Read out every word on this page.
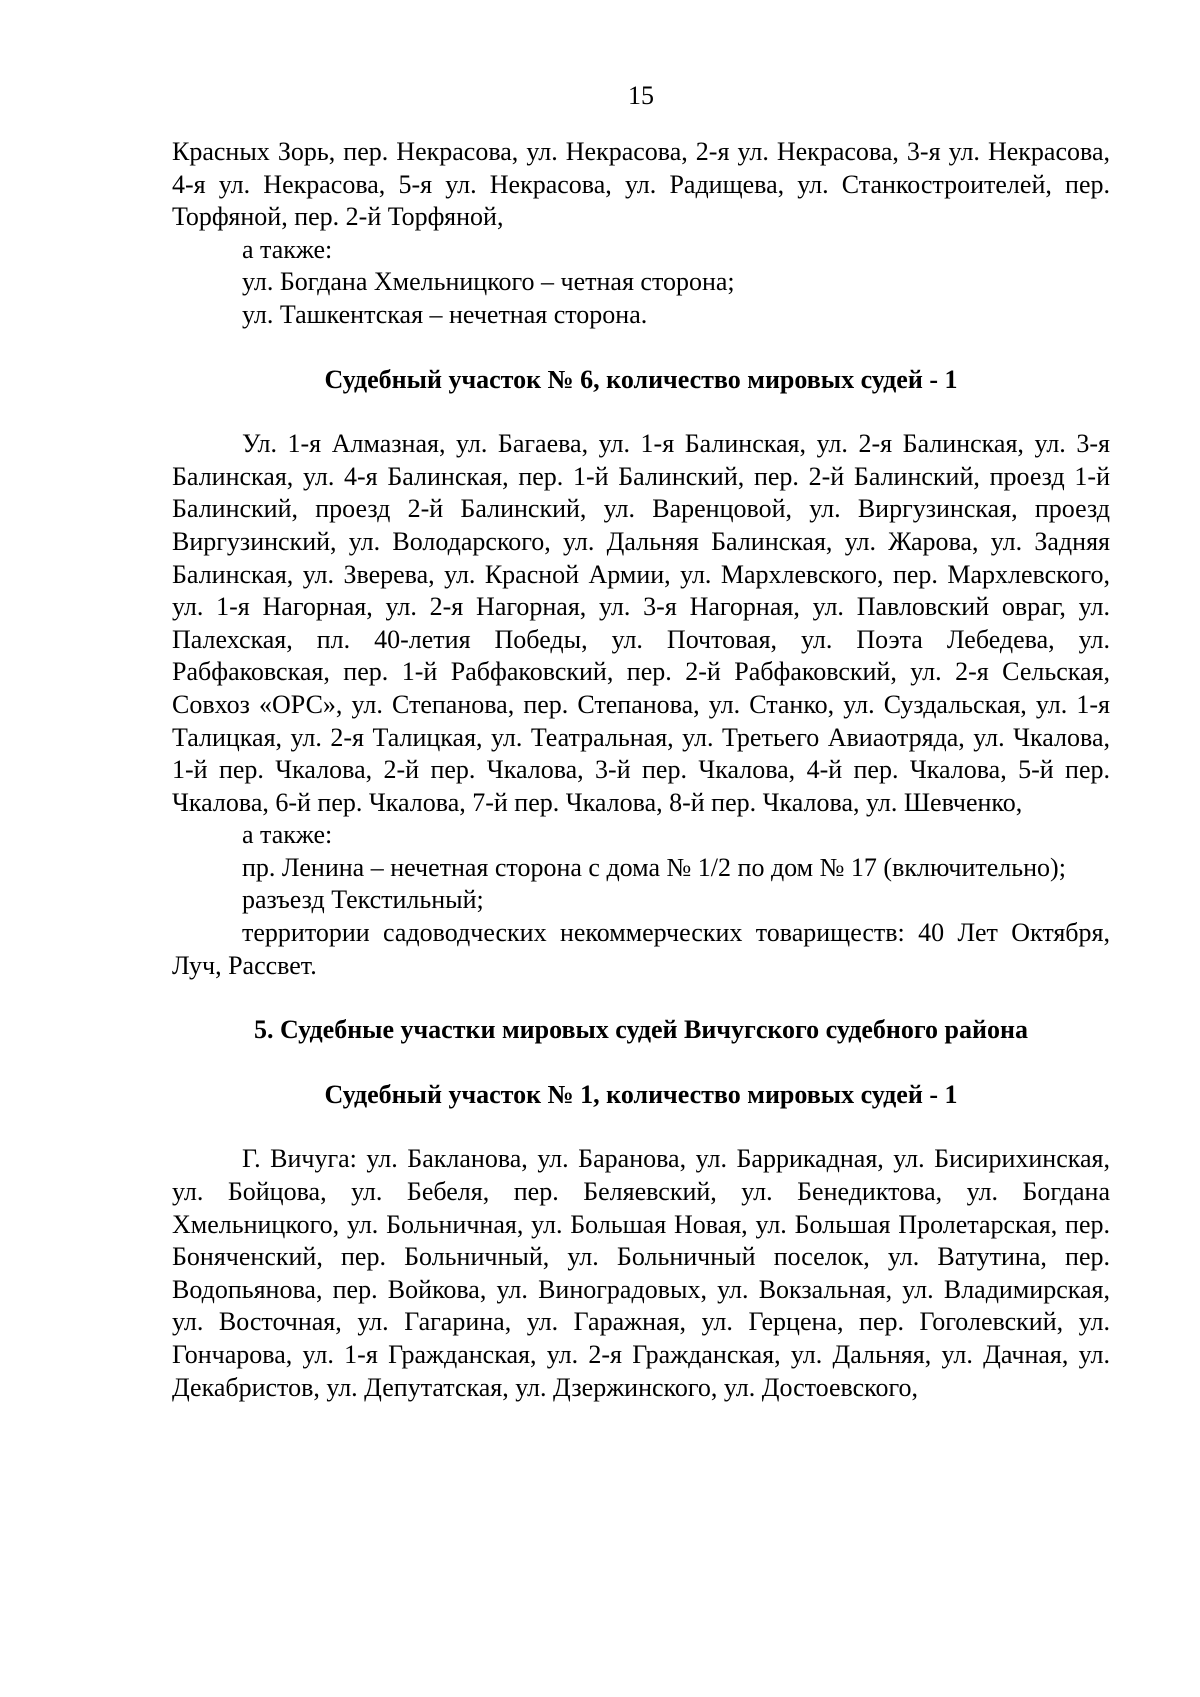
15

Красных Зорь, пер. Некрасова, ул. Некрасова, 2-я ул. Некрасова, 3-я ул. Некрасова, 4-я ул. Некрасова, 5-я ул. Некрасова, ул. Радищева, ул. Станкостроителей, пер. Торфяной, пер. 2-й Торфяной,

а также:

ул. Богдана Хмельницкого – четная сторона;

ул. Ташкентская – нечетная сторона.

Судебный участок № 6, количество мировых судей - 1

Ул. 1-я Алмазная, ул. Багаева, ул. 1-я Балинская, ул. 2-я Балинская, ул. 3-я Балинская, ул. 4-я Балинская, пер. 1-й Балинский, пер. 2-й Балинский, проезд 1-й Балинский, проезд 2-й Балинский, ул. Варенцовой, ул. Виргузинская, проезд Виргузинский, ул. Володарского, ул. Дальняя Балинская, ул. Жарова, ул. Задняя Балинская, ул. Зверева, ул. Красной Армии, ул. Мархлевского, пер. Мархлевского, ул. 1-я Нагорная, ул. 2-я Нагорная, ул. 3-я Нагорная, ул. Павловский овраг, ул. Палехская, пл. 40-летия Победы, ул. Почтовая, ул. Поэта Лебедева, ул. Рабфаковская, пер. 1-й Рабфаковский, пер. 2-й Рабфаковский, ул. 2-я Сельская, Совхоз «ОРС», ул. Степанова, пер. Степанова, ул. Станко, ул. Суздальская, ул. 1-я Талицкая, ул. 2-я Талицкая, ул. Театральная, ул. Третьего Авиаотряда, ул. Чкалова, 1-й пер. Чкалова, 2-й пер. Чкалова, 3-й пер. Чкалова, 4-й пер. Чкалова, 5-й пер. Чкалова, 6-й пер. Чкалова, 7-й пер. Чкалова, 8-й пер. Чкалова, ул. Шевченко,

а также:

пр. Ленина – нечетная сторона с дома № 1/2 по дом № 17 (включительно);

разъезд Текстильный;

территории садоводческих некоммерческих товариществ: 40 Лет Октября, Луч, Рассвет.

5. Судебные участки мировых судей Вичугского судебного района

Судебный участок № 1, количество мировых судей - 1

Г. Вичуга: ул. Бакланова, ул. Баранова, ул. Баррикадная, ул. Бисирихинская, ул. Бойцова, ул. Бебеля, пер. Беляевский, ул. Бенедиктова, ул. Богдана Хмельницкого, ул. Больничная, ул. Большая Новая, ул. Большая Пролетарская, пер. Боняченский, пер. Больничный, ул. Больничный поселок, ул. Ватутина, пер. Водопьянова, пер. Войкова, ул. Виноградовых, ул. Вокзальная, ул. Владимирская, ул. Восточная, ул. Гагарина, ул. Гаражная, ул. Герцена, пер. Гоголевский, ул. Гончарова, ул. 1-я Гражданская, ул. 2-я Гражданская, ул. Дальняя, ул. Дачная, ул. Декабристов, ул. Депутатская, ул. Дзержинского, ул. Достоевского,
